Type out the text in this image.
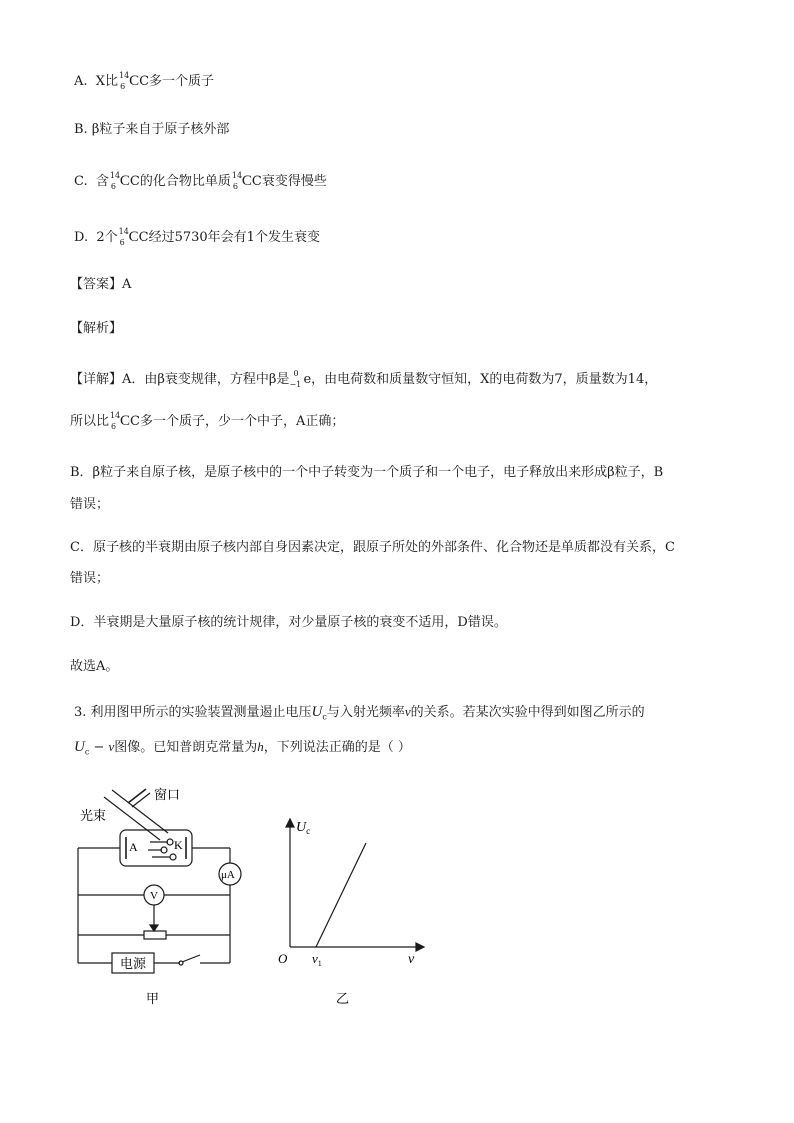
A. X比 14
6 CC多一个质子
B. β粒子来自于原子核外部
C. 含 14
6 CC的化合物比单质 14
6 CC衰变得慢些
D. 2个 14
6 CC经过5730年会有1个发生衰变
【答案】A
【解析】
【详解】A．由β衰变规律，方程中β是 0
−1 e，由电荷数和质量数守恒知，X的电荷数为7，质量数为14，
所以比 14
6 CC多一个质子，少一个中子，A正确；
B．β粒子来自原子核，是原子核中的一个中子转变为一个质子和一个电子，电子释放出来形成β粒子，B
错误；
C．原子核的半衰期由原子核内部自身因素决定，跟原子所处的外部条件、化合物还是单质都没有关系，C
错误；
D．半衰期是大量原子核的统计规律，对少量原子核的衰变不适用，D错误。
故选A。
3. 利用图甲所示的实验装置测量遏止电压$U_c$与入射光频率ν的关系。若某次实验中得到如图乙所示的
$U_c - \nu$图像。已知普朗克常量为h，下列说法正确的是（ ）
光束
窗口
A	K
μA
V
电源
甲
$U_c$
O $\nu_1$	ν
乙
